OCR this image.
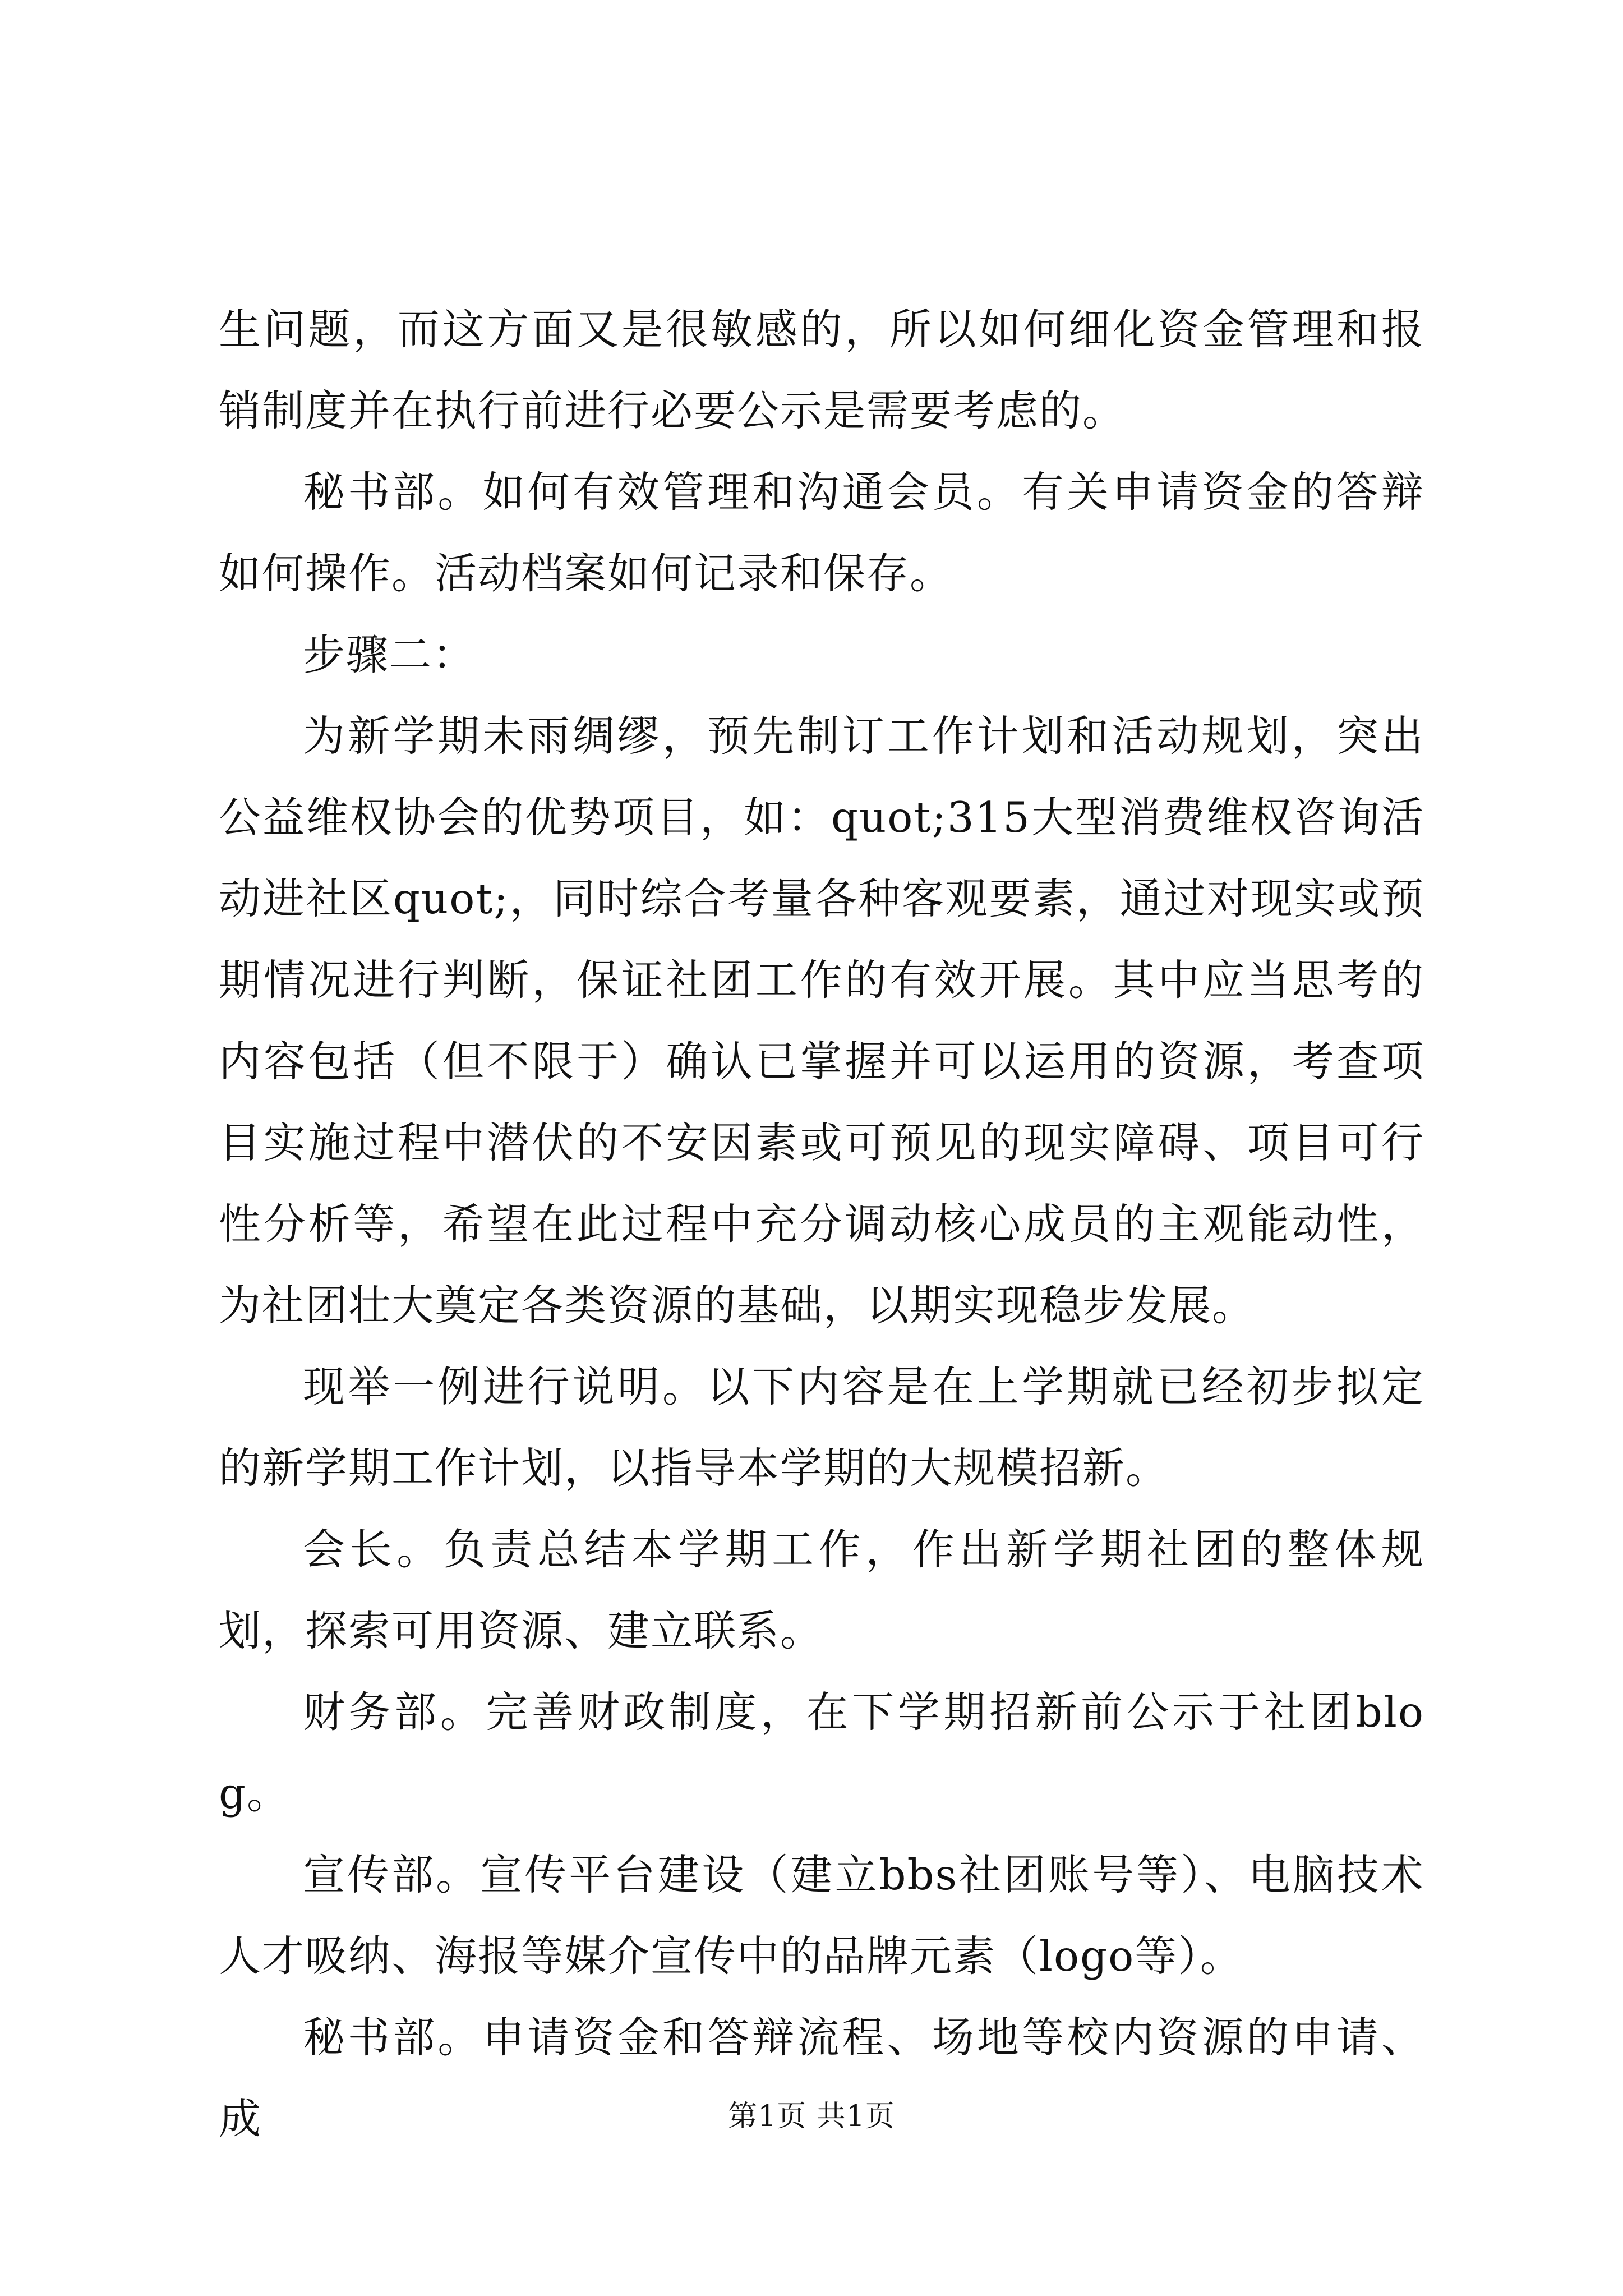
生问题，而这方面又是很敏感的，所以如何细化资金管理和报销制度并在执行前进行必要公示是需要考虑的。

秘书部。如何有效管理和沟通会员。有关申请资金的答辩如何操作。活动档案如何记录和保存。

步骤二：

为新学期未雨绸缪，预先制订工作计划和活动规划，突出公益维权协会的优势项目，如：quot;315大型消费维权咨询活动进社区quot;，同时综合考量各种客观要素，通过对现实或预期情况进行判断，保证社团工作的有效开展。其中应当思考的内容包括（但不限于）确认已掌握并可以运用的资源，考查项目实施过程中潜伏的不安因素或可预见的现实障碍、项目可行性分析等，希望在此过程中充分调动核心成员的主观能动性，为社团壮大奠定各类资源的基础，以期实现稳步发展。

现举一例进行说明。以下内容是在上学期就已经初步拟定的新学期工作计划，以指导本学期的大规模招新。

会长。负责总结本学期工作，作出新学期社团的整体规划，探索可用资源、建立联系。

财务部。完善财政制度，在下学期招新前公示于社团blog。

宣传部。宣传平台建设（建立bbs社团账号等）、电脑技术人才吸纳、海报等媒介宣传中的品牌元素（logo等）。

秘书部。申请资金和答辩流程、场地等校内资源的申请、成	第1页 共1页
